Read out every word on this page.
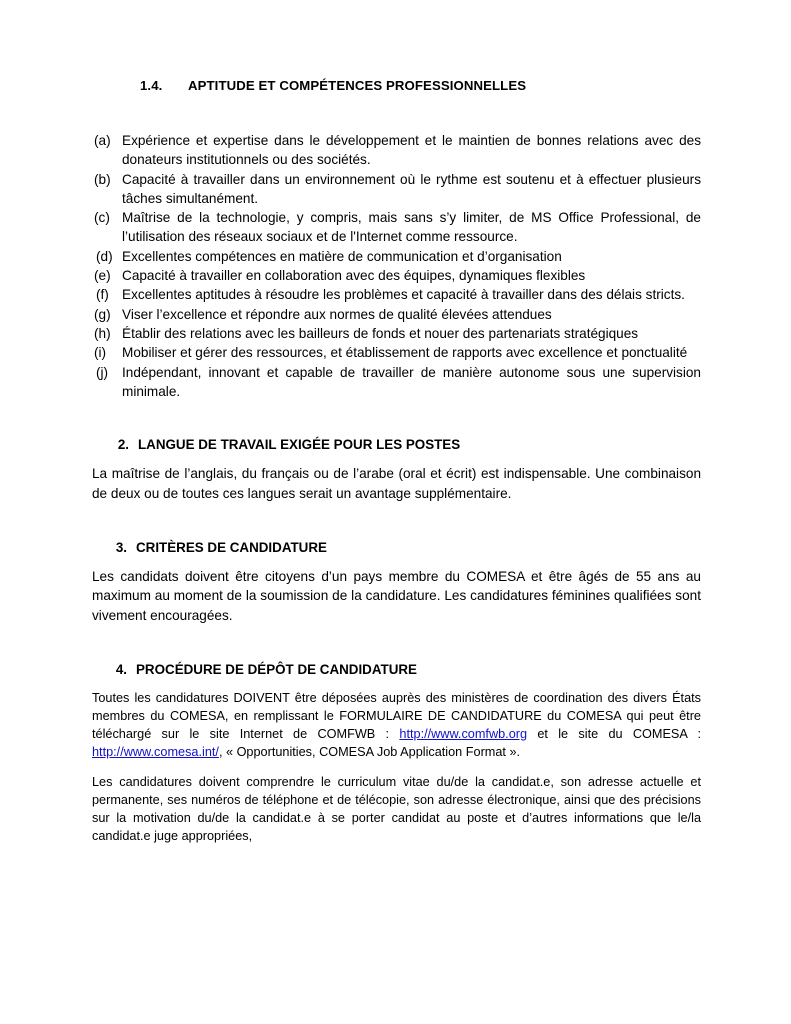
1.4.	APTITUDE ET COMPÉTENCES PROFESSIONNELLES
(a) Expérience et expertise dans le développement et le maintien de bonnes relations avec des donateurs institutionnels ou des sociétés.
(b) Capacité à travailler dans un environnement où le rythme est soutenu et à effectuer plusieurs tâches simultanément.
(c) Maîtrise de la technologie, y compris, mais sans s’y limiter, de MS Office Professional, de l’utilisation des réseaux sociaux et de l'Internet comme ressource.
(d) Excellentes compétences en matière de communication et d’organisation
(e) Capacité à travailler en collaboration avec des équipes, dynamiques flexibles
(f) Excellentes aptitudes à résoudre les problèmes et capacité à travailler dans des délais stricts.
(g) Viser l’excellence et répondre aux normes de qualité élevées attendues
(h) Établir des relations avec les bailleurs de fonds et nouer des partenariats stratégiques
(i)	Mobiliser et gérer des ressources, et établissement de rapports avec excellence et ponctualité
(j)	Indépendant, innovant et capable de travailler de manière autonome sous une supervision minimale.
2. LANGUE DE TRAVAIL EXIGÉE POUR LES POSTES

La maîtrise de l’anglais, du français ou de l’arabe (oral et écrit) est indispensable. Une combinaison de deux ou de toutes ces langues serait un avantage supplémentaire.

3. CRITÈRES DE CANDIDATURE

Les candidats doivent être citoyens d’un pays membre du COMESA et être âgés de 55 ans au maximum au moment de la soumission de la candidature. Les candidatures féminines qualifiées sont vivement encouragées.

4. PROCÉDURE DE DÉPÔT DE CANDIDATURE

Toutes les candidatures DOIVENT être déposées auprès des ministères de coordination des divers États membres du COMESA, en remplissant le FORMULAIRE DE CANDIDATURE du COMESA qui peut être téléchargé sur le site Internet de COMFWB : http://www.comfwb.org et le site du COMESA : http://www.comesa.int/, « Opportunities, COMESA Job Application Format ».

Les candidatures doivent comprendre le curriculum vitae du/de la candidat.e, son adresse actuelle et permanente, ses numéros de téléphone et de télécopie, son adresse électronique, ainsi que des précisions sur la motivation du/de la candidat.e à se porter candidat au poste et d’autres informations que le/la candidat.e juge appropriées,
